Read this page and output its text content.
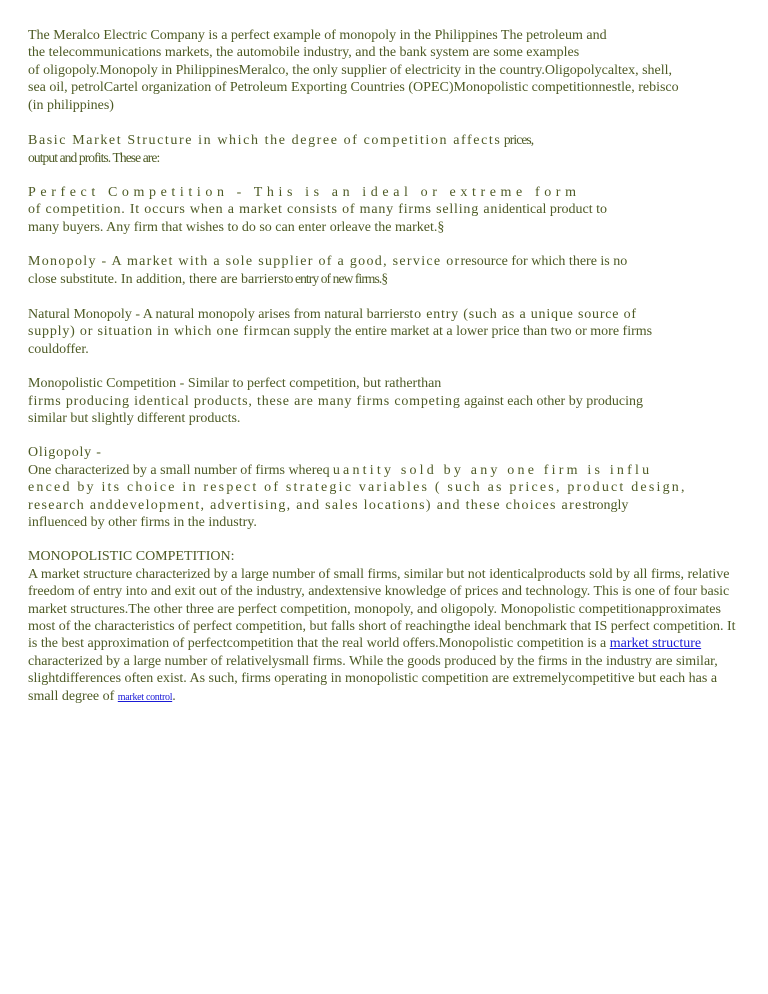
The Meralco Electric Company is a perfect example of monopoly in the Philippines The petroleum and
the telecommunications markets, the automobile industry, and the bank system are some examples
of oligopoly.Monopoly in PhilippinesMeralco, the only supplier of electricity in the country.Oligopolycaltex, shell,
sea oil, petrolCartel organization of Petroleum Exporting Countries (OPEC)Monopolistic competitionnestle, rebisco
(in philippines)
Basic Market Structure in which the degree of competition affects prices,
output and profits. These are:
Perfect Competition - This is an ideal or extreme form
of competition. It occurs when a market consists of many firms selling anidentical product to
many buyers. Any firm that wishes to do so can enter orleave the market.§
Monopoly - A market with a sole supplier of a good, service orresource for which there is no
close substitute. In addition, there are barriersto entry of new firms.§
Natural Monopoly - A natural monopoly arises from natural barriersto entry (such as a unique source of
supply) or situation in which one firmcan supply the entire market at a lower price than two or more firms
couldoffer.
Monopolistic Competition - Similar to perfect competition, but ratherthan
firms producing identical products, these are many firms competing against each other by producing
similar but slightly different products.
Oligopoly -
One characterized by a small number of firms wherequantity sold by any one firm is influ
enced by its choice in respect of strategic variables ( such as prices, product design,
research anddevelopment, advertising, and sales locations) and these choices arestrongly
influenced by other firms in the industry.
MONOPOLISTIC COMPETITION:
A market structure characterized by a large number of small firms, similar but not identicalproducts sold by all firms, relative freedom of entry into and exit out of the industry, andextensive knowledge of prices and technology. This is one of four basic market structures.The other three are perfect competition, monopoly, and oligopoly. Monopolistic competitionapproximates most of the characteristics of perfect competition, but falls short of reachingthe ideal benchmark that IS perfect competition. It is the best approximation of perfectcompetition that the real world offers.Monopolistic competition is a market structure characterized by a large number of relativelysmall firms. While the goods produced by the firms in the industry are similar, slightdifferences often exist. As such, firms operating in monopolistic competition are extremelycompetitive but each has a small degree of market control.
